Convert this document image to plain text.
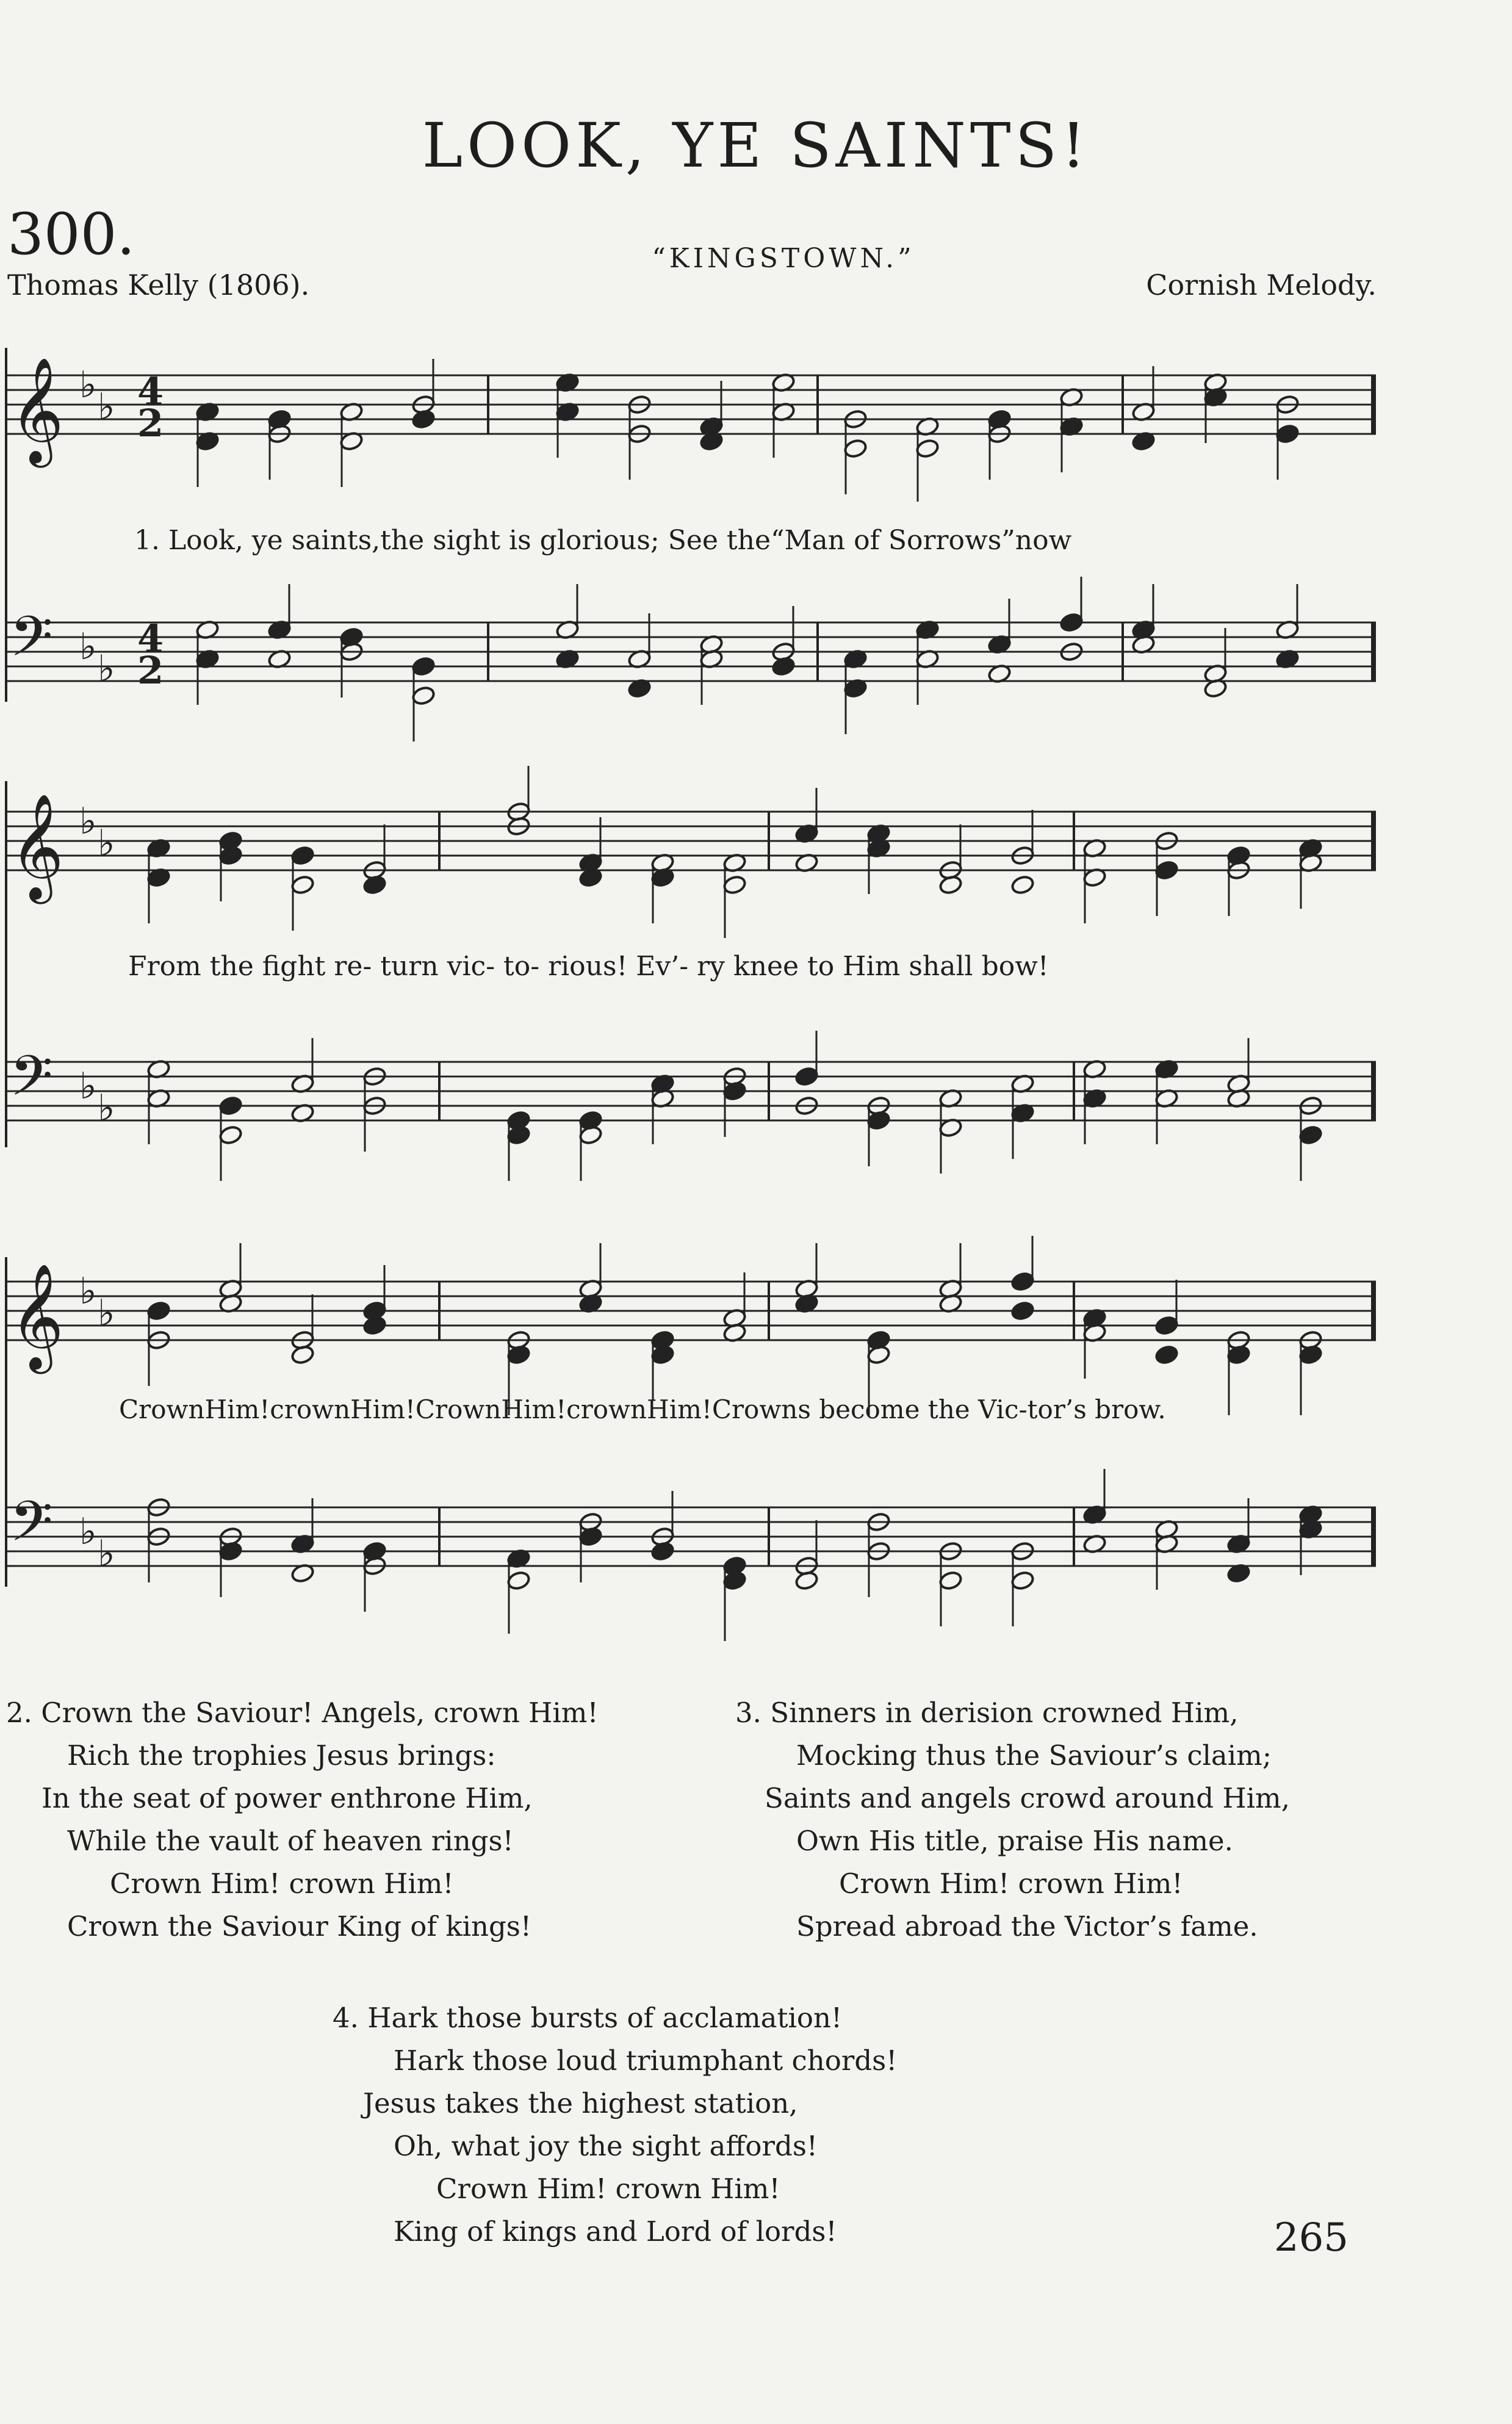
LOOK, YE SAINTS!
300.	“KINGSTOWN.”
Thomas Kelly (1806).	Cornish Melody.
𝄞 ♭
♭ 4
2
1. Look, ye saints,the sight is glorious; See the“Man of Sorrows”now
𝄢 ♭
♭
4
2
𝄞 ♭
♭
From the fight re- turn vic- to- rious! Ev’- ry knee to Him shall bow!
𝄢 ♭
♭
𝄞 ♭
♭
CrownHim!crownHim!CrownHim!crownHim!Crowns become the Vic-tor’s brow.
𝄢 ♭
♭
2. Crown the Saviour! Angels, crown Him!
Rich the trophies Jesus brings:
In the seat of power enthrone Him,
While the vault of heaven rings!
Crown Him! crown Him!
Crown the Saviour King of kings!
3. Sinners in derision crowned Him,
Mocking thus the Saviour’s claim;
Saints and angels crowd around Him,
Own His title, praise His name.
Crown Him! crown Him!
Spread abroad the Victor’s fame.
4. Hark those bursts of acclamation!
Hark those loud triumphant chords!
Jesus takes the highest station,
Oh, what joy the sight affords!
Crown Him! crown Him!
King of kings and Lord of lords!	265
